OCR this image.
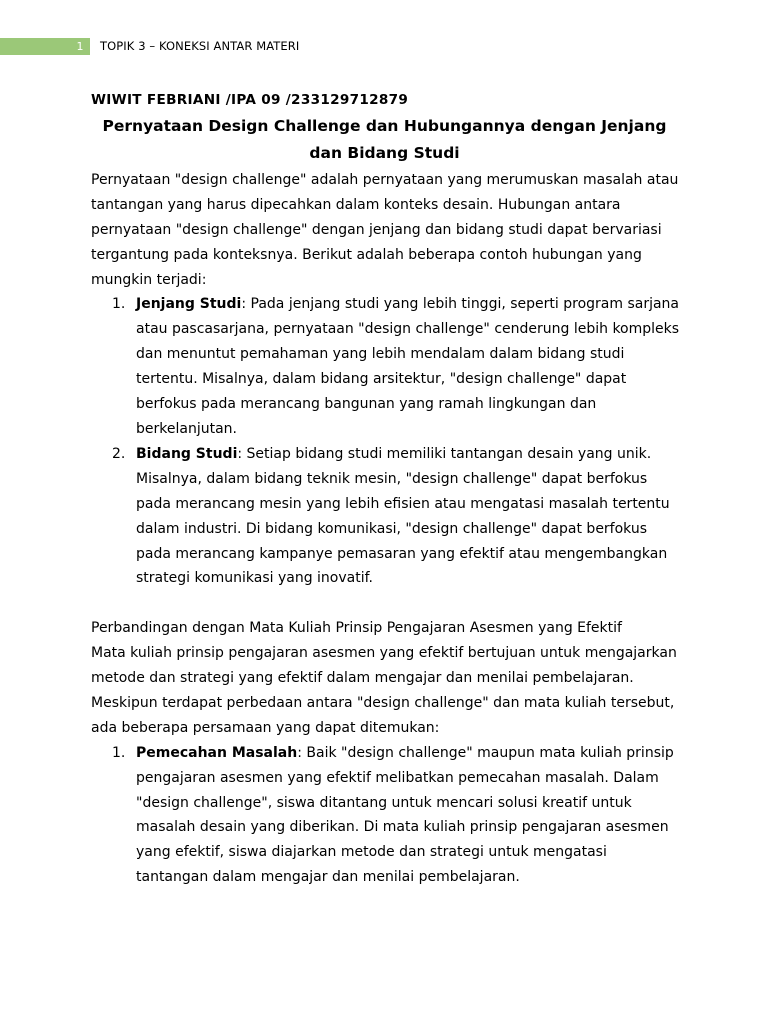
1	TOPIK 3 – KONEKSI ANTAR MATERI
WIWIT FEBRIANI /IPA 09 /233129712879
Pernyataan Design Challenge dan Hubungannya dengan Jenjang dan Bidang Studi

Pernyataan "design challenge" adalah pernyataan yang merumuskan masalah atau tantangan yang harus dipecahkan dalam konteks desain. Hubungan antara pernyataan "design challenge" dengan jenjang dan bidang studi dapat bervariasi tergantung pada konteksnya. Berikut adalah beberapa contoh hubungan yang mungkin terjadi:

1. Jenjang Studi: Pada jenjang studi yang lebih tinggi, seperti program sarjana atau pascasarjana, pernyataan "design challenge" cenderung lebih kompleks dan menuntut pemahaman yang lebih mendalam dalam bidang studi tertentu. Misalnya, dalam bidang arsitektur, "design challenge" dapat berfokus pada merancang bangunan yang ramah lingkungan dan berkelanjutan.
2. Bidang Studi: Setiap bidang studi memiliki tantangan desain yang unik. Misalnya, dalam bidang teknik mesin, "design challenge" dapat berfokus pada merancang mesin yang lebih efisien atau mengatasi masalah tertentu dalam industri. Di bidang komunikasi, "design challenge" dapat berfokus pada merancang kampanye pemasaran yang efektif atau mengembangkan strategi komunikasi yang inovatif.

Perbandingan dengan Mata Kuliah Prinsip Pengajaran Asesmen yang Efektif

Mata kuliah prinsip pengajaran asesmen yang efektif bertujuan untuk mengajarkan metode dan strategi yang efektif dalam mengajar dan menilai pembelajaran. Meskipun terdapat perbedaan antara "design challenge" dan mata kuliah tersebut, ada beberapa persamaan yang dapat ditemukan:

1. Pemecahan Masalah: Baik "design challenge" maupun mata kuliah prinsip pengajaran asesmen yang efektif melibatkan pemecahan masalah. Dalam "design challenge", siswa ditantang untuk mencari solusi kreatif untuk masalah desain yang diberikan. Di mata kuliah prinsip pengajaran asesmen yang efektif, siswa diajarkan metode dan strategi untuk mengatasi tantangan dalam mengajar dan menilai pembelajaran.
